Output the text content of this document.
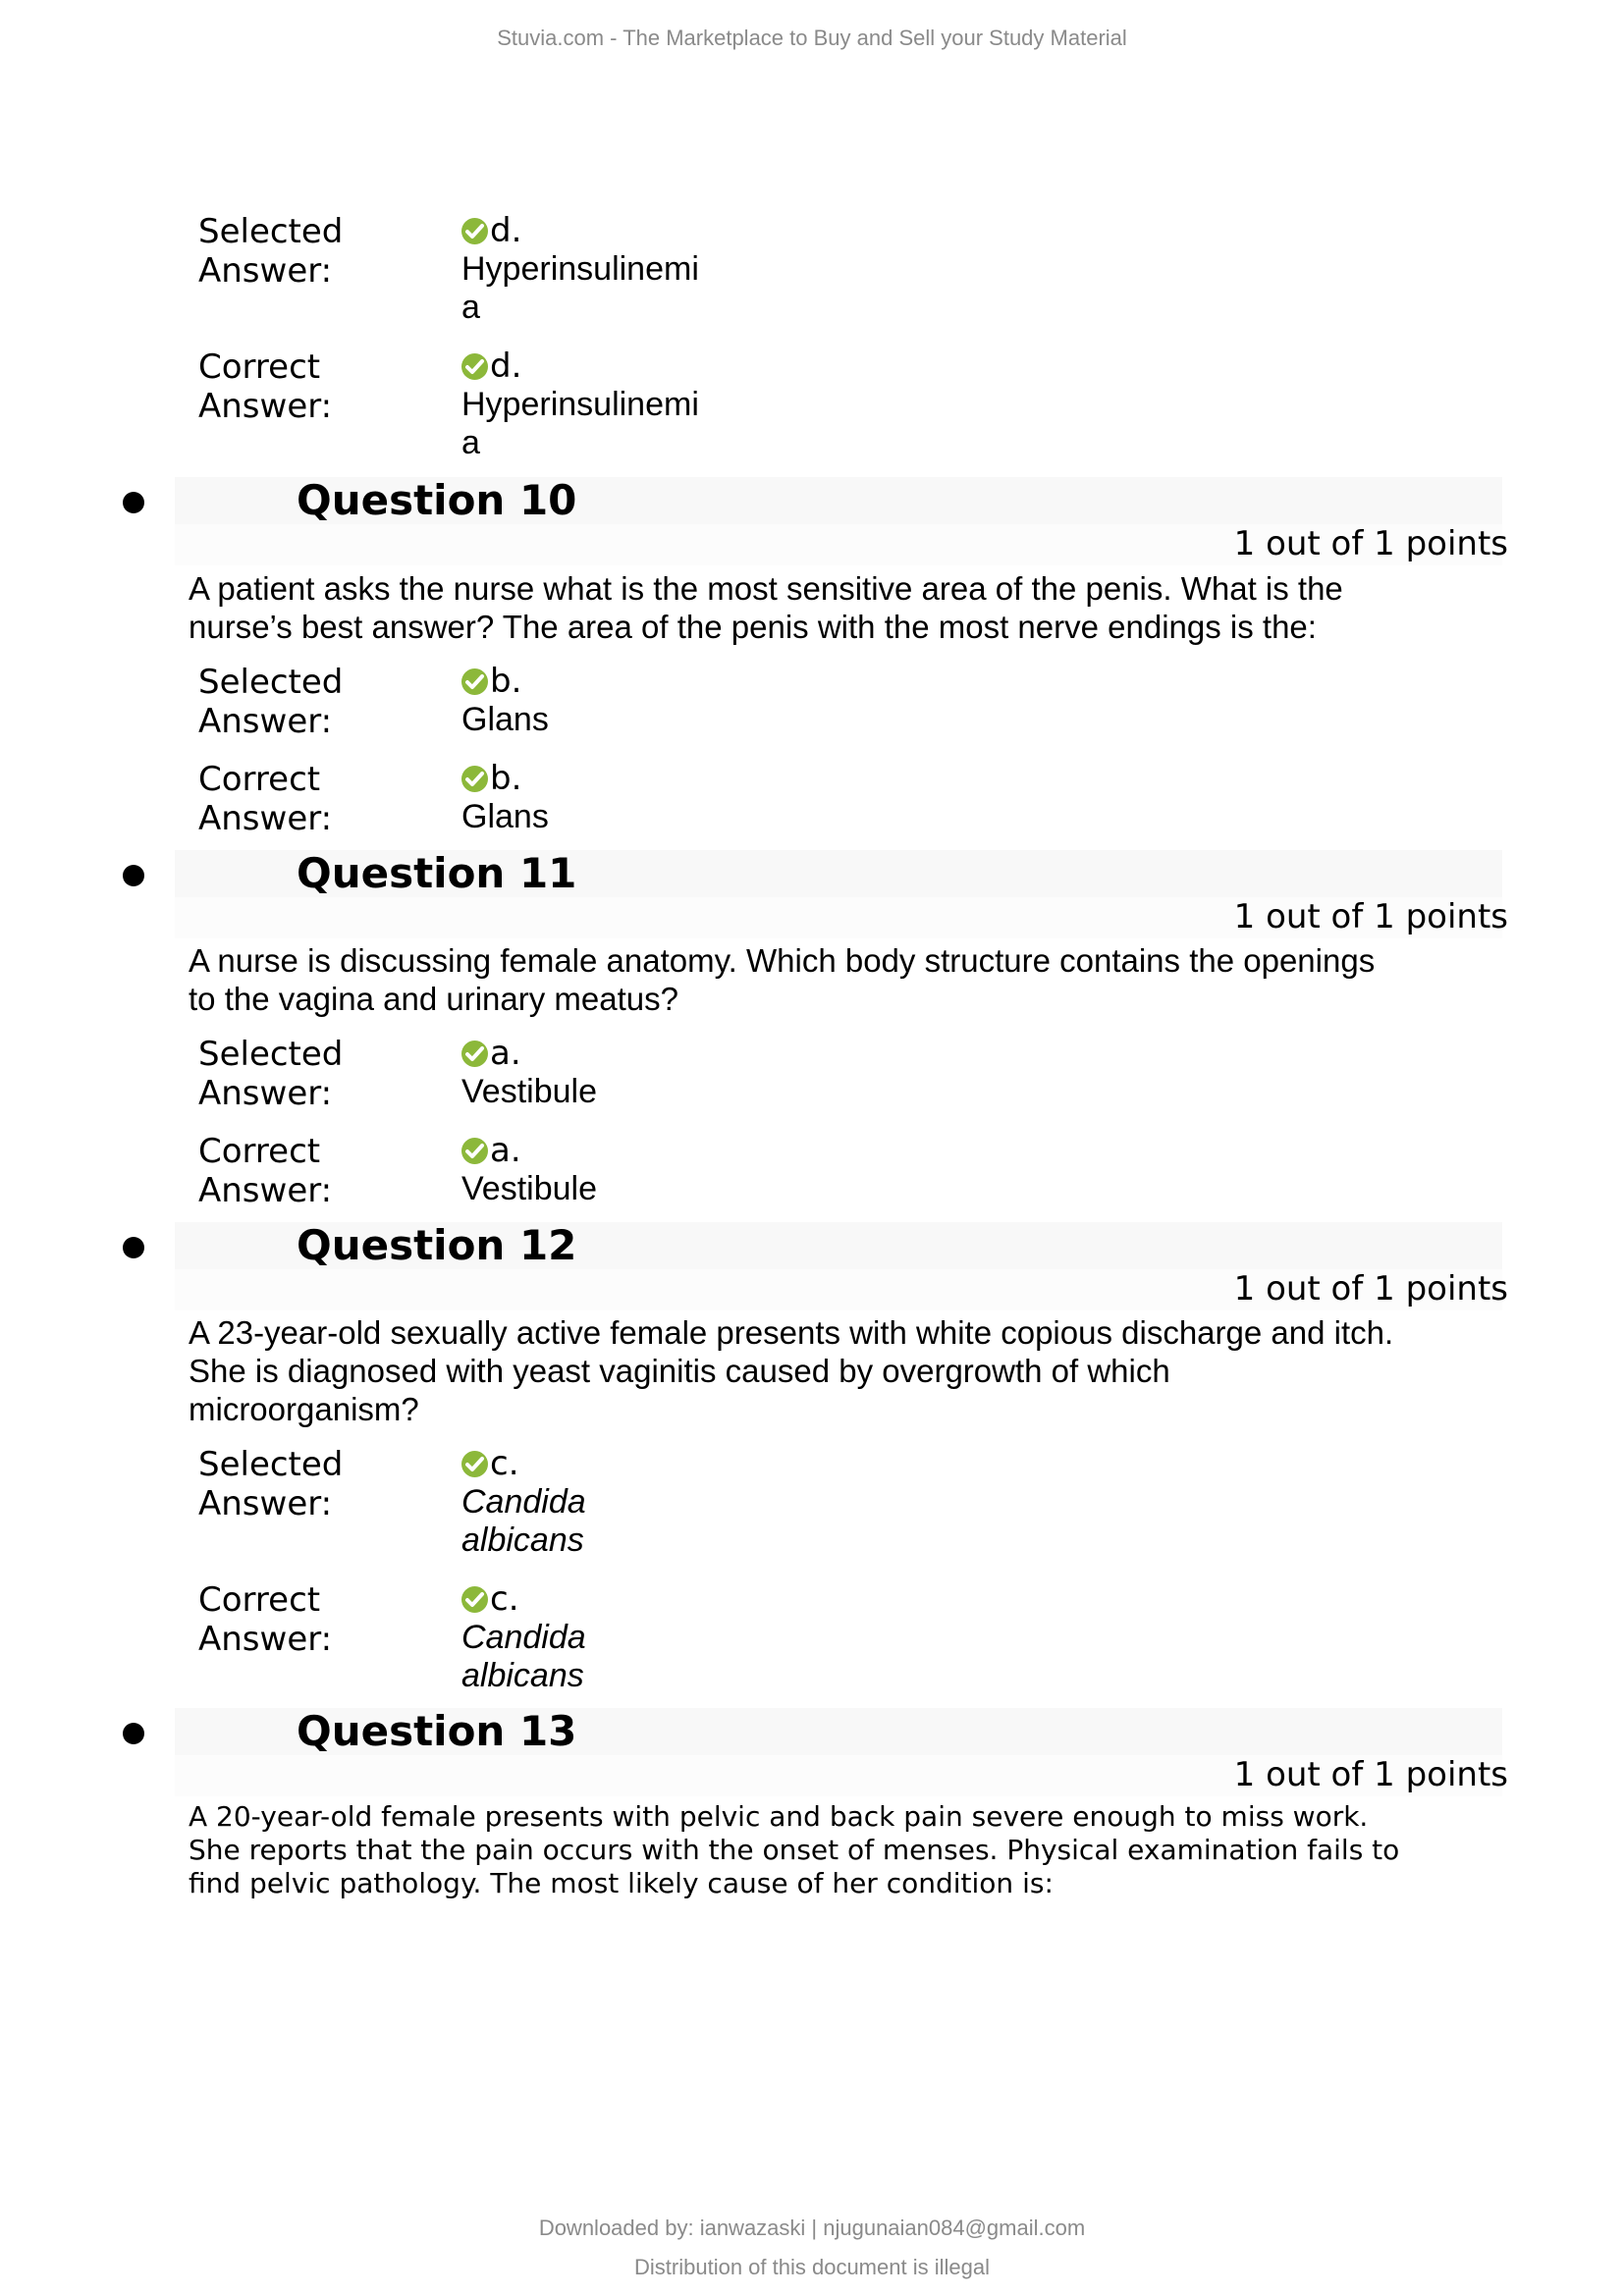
Stuvia.com - The Marketplace to Buy and Sell your Study Material
Selected
Answer:
d.
Hyperinsulinemi
a
Correct
Answer:
d.
Hyperinsulinemi
a
Question 10
1 out of 1 points
A patient asks the nurse what is the most sensitive area of the penis. What is the
nurse’s best answer? The area of the penis with the most nerve endings is the:
Selected
Answer:
b.
Glans
Correct
Answer:
b.
Glans
Question 11
1 out of 1 points
A nurse is discussing female anatomy. Which body structure contains the openings
to the vagina and urinary meatus?
Selected
Answer:
a.
Vestibule
Correct
Answer:
a.
Vestibule
Question 12
1 out of 1 points
A 23-year-old sexually active female presents with white copious discharge and itch.
She is diagnosed with yeast vaginitis caused by overgrowth of which
microorganism?
Selected
Answer:
c.
Candida
albicans
Correct
Answer:
c.
Candida
albicans
Question 13
1 out of 1 points
A 20-year-old female presents with pelvic and back pain severe enough to miss work.
She reports that the pain occurs with the onset of menses. Physical examination fails to
find pelvic pathology. The most likely cause of her condition is:
Downloaded by: ianwazaski | njugunaian084@gmail.com
Distribution of this document is illegal
